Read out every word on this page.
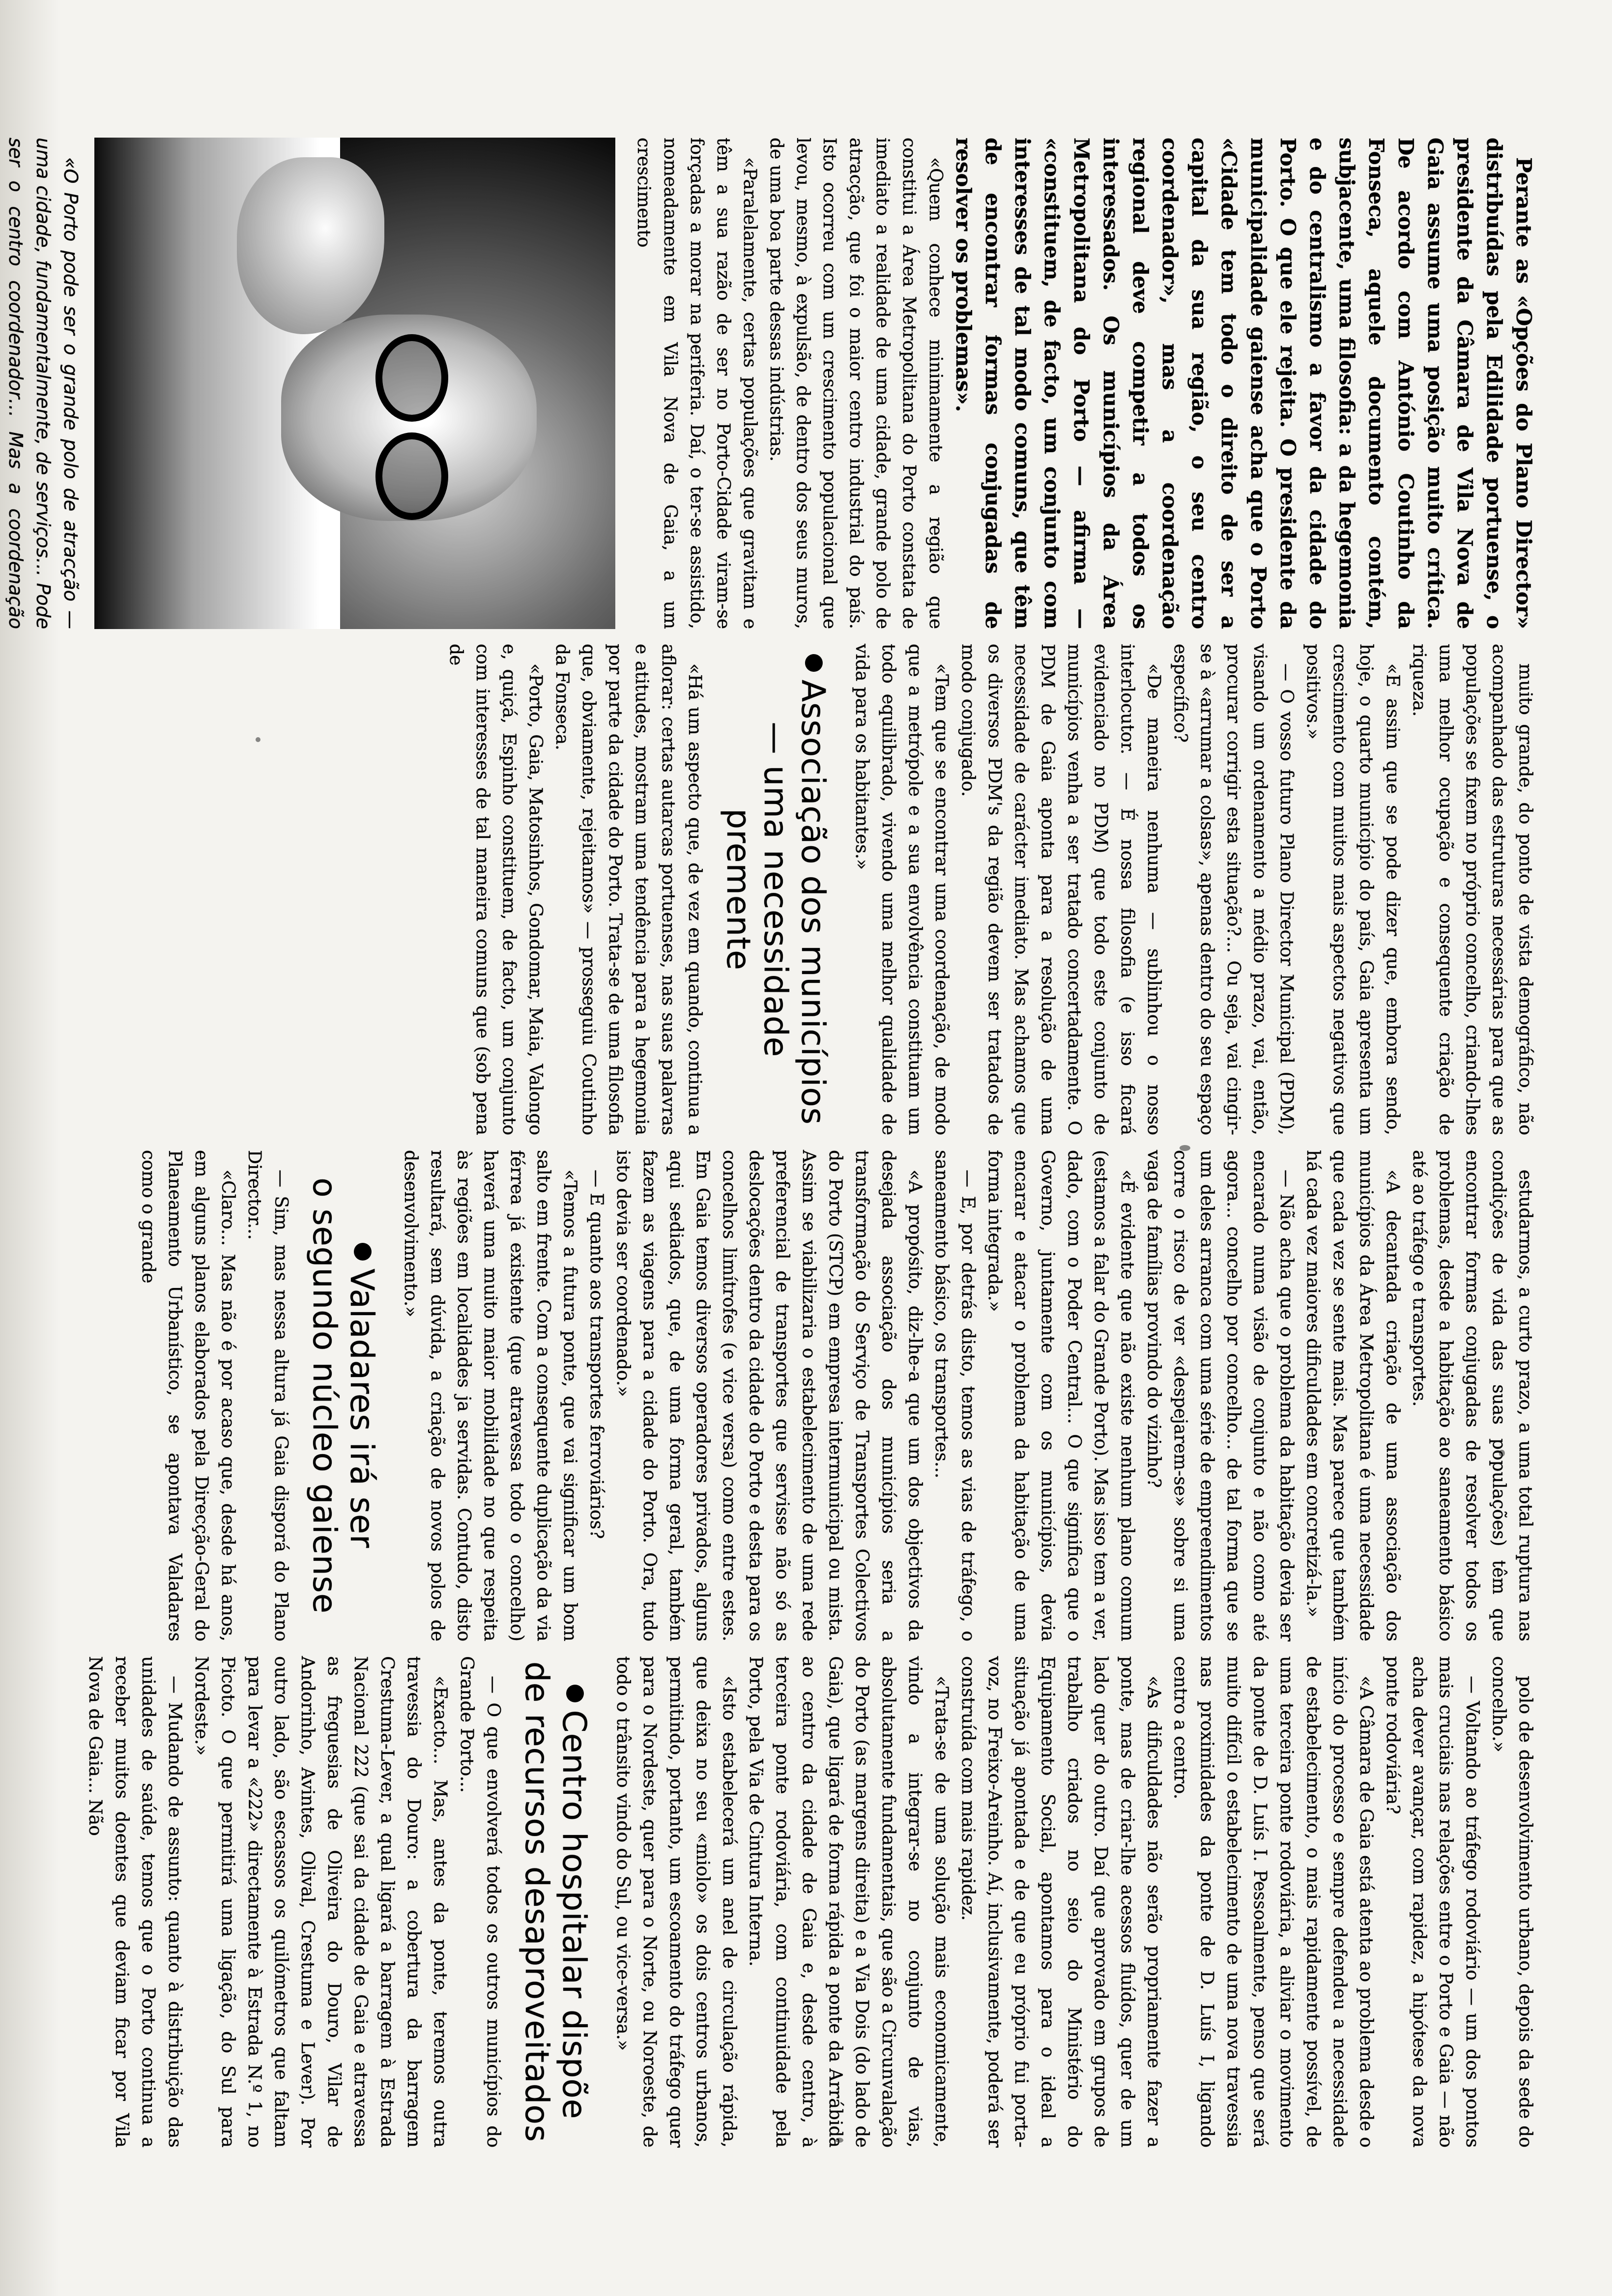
Perante as «Opções do Plano Director» distribuídas pela Edilidade portuense, o presidente da Câmara de Vila Nova de Gaia assume uma posição muito crítica. De acordo com António Coutinho da Fonseca, aquele documento contém, subjacente, uma filosofia: a da hegemonia e do centralismo a favor da cidade do Porto. O que ele rejeita. O presidente da municipalidade gaiense acha que o Porto «Cidade tem todo o direito de ser a capital da sua região, o seu centro coordenador», mas a coordenação regional deve competir a todos os interessados. Os municípios da Área Metropolitana do Porto — afirma — «constituem, de facto, um conjunto com interesses de tal modo comuns, que têm de encontrar formas conjugadas de resolver os problemas».

«Quem conhece minimamente a região que constitui a Área Metropolitana do Porto constata de imediato a realidade de uma cidade, grande polo de atracção, que foi o maior centro industrial do país. Isto ocorreu com um crescimento populacional que levou, mesmo, à expulsão, de dentro dos seus muros, de uma boa parte dessas indústrias.

«Paralelamente, certas populações que gravitam e têm a sua razão de ser no Porto-Cidade viram-se forçadas a morar na periferia. Daí, o ter-se assistido, nomeadamente em Vila Nova de Gaia, a um crescimento

«O Porto pode ser o grande polo de atracção — uma cidade, fundamentalmente, de serviços… Pode ser o centro coordenador… Mas a coordenação

muito grande, do ponto de vista demográfico, não acompanhado das estruturas necessárias para que as populações se fixem no próprio concelho, criando-lhes uma melhor ocupação e consequente criação de riqueza.

«E assim que se pode dizer que, embora sendo, hoje, o quarto município do país, Gaia apresenta um crescimento com muitos mais aspectos negativos que positivos.»

— O vosso futuro Plano Director Municipal (PDM), visando um ordenamento a médio prazo, vai, então, procurar corrigir esta situação?... Ou seja, vai cingir-se à «arrumar a colsas», apenas dentro do seu espaço específico?

«De maneira nenhuma — sublinhou o nosso interlocutor. — É nossa filosofia (e isso ficará evidenciado no PDM) que todo este conjunto de municípios venha a ser tratado concertadamente. O PDM de Gaia aponta para a resolução de uma necessidade de carácter imediato. Mas achamos que os diversos PDM's da região devem ser tratados de modo conjugado.

«Tem que se encontrar uma coordenação, de modo que a metrópole e a sua envolvência constituam um todo equilibrado, vivendo uma melhor qualidade de vida para os habitantes.»

Associação dos municípios
— uma necessidade premente

«Há um aspecto que, de vez em quando, continua a aflorar: certas autarcas portuenses, nas suas palavras e atitudes, mostram uma tendência para a hegemonia por parte da cidade do Porto. Trata-se de uma filosofia que, obviamente, rejeitamos» — prosseguiu Coutinho da Fonseca.

«Porto, Gaia, Matosinhos, Gondomar, Maia, Valongo e, quiçá, Espinho constituem, de facto, um conjunto com interesses de tal maneira comuns que (sob pena de

estudarmos, a curto prazo, a uma total ruptura nas condições de vida das suas populações) têm que encontrar formas conjugadas de resolver todos os problemas, desde a habitação ao saneamento básico até ao tráfego e transportes.

«A decantada criação de uma associação dos municípios da Área Metropolitana é uma necessidade que cada vez se sente mais. Mas parece que também há cada vez maiores dificuldades em concretizá-la.»

— Não acha que o problema da habitação devia ser encarado numa visão de conjunto e não como até agora... concelho por concelho... de tal forma que se um deles arranca com uma série de empreendimentos corre o risco de ver «despejarem-se» sobre si uma vaga de famílias provindo do vizinho?

«É evidente que não existe nenhum plano comum (estamos a falar do Grande Porto). Mas isso tem a ver, dado, com o Poder Central... O que significa que o Governo, juntamente com os municípios, devia encarar e atacar o problema da habitação de uma forma integrada.»

— E, por detrás disto, temos as vias de tráfego, o saneamento básico, os transportes...

«A propósito, diz-lhe-a que um dos objectivos da desejada associação dos municípios seria a transformação do Serviço de Transportes Colectivos do Porto (STCP) em empresa intermunicipal ou mista. Assim se viabilizaria o estabelecimento de uma rede preferencial de transportes que servisse não só as deslocações dentro da cidade do Porto e desta para os concelhos limítrofes (e vice versa) como entre estes. Em Gaia temos diversos operadores privados, alguns aqui sediados, que, de uma forma geral, também fazem as viagens para a cidade do Porto. Ora, tudo isto devia ser coordenado.»

— E quanto aos transportes ferroviários?

«Temos a futura ponte, que vai significar um bom salto em frente. Com a consequente duplicação da via férrea já existente (que atravessa todo o concelho) haverá uma muito maior mobilidade no que respeita às regiões em localidades ja servidas. Contudo, disto resultará, sem dúvida, a criação de novos polos de desenvolvimento.»

Valadares irá ser
o segundo núcleo gaiense

— Sim, mas nessa altura já Gaia disporá do Plano Director...

«Claro... Mas não é por acaso que, desde há anos, em alguns planos elaborados pela Direcção-Geral do Planeamento Urbanístico, se apontava Valadares como o grande

polo de desenvolvimento urbano, depois da sede do concelho.»

— Voltando ao tráfego rodoviário — um dos pontos mais cruciais nas relações entre o Porto e Gaia — não acha dever avançar, com rapidez, a hipótese da nova ponte rodoviária?

«A Câmara de Gaia está atenta ao problema desde o início do processo e sempre defendeu a necessidade de estabelecimento, o mais rapidamente possível, de uma terceira ponte rodoviária, a aliviar o movimento da ponte de D. Luís I. Pessoalmente, penso que será muito difícil o estabelecimento de uma nova travessia nas proximidades da ponte de D. Luís I, ligando centro a centro.

«As dificuldades não serão propriamente fazer a ponte, mas de criar-lhe acessos fluídos, quer de um lado quer do outro. Daí que aprovado em grupos de trabalho criados no seio do Ministério do Equipamento Social, apontamos para o ideal a situação já apontada e de que eu próprio fui porta-voz, no Freixo-Areinho. Aí, inclusivamente, poderá ser construída com mais rapidez.

«Trata-se de uma solução mais economicamente, vindo a integrar-se no conjunto de vias, absolutamente fundamentais, que são a Circunvalação do Porto (as margens direita) e a Via Dois (do lado de Gaia), que ligará de forma rápida a ponte da Arrábida ao centro da cidade de Gaia e, desde centro, à terceira ponte rodoviária, com continuidade pela Porto, pela Via de Cintura Interna.

«Isto estabelecerá um anel de circulação rápida, que deixa no seu «miolo» os dois centros urbanos, permitindo, portanto, um escoamento do tráfego quer para o Nordeste, quer para o Norte, ou Noroeste, de todo o trânsito vindo do Sul, ou vice-versa.»

Centro hospitalar dispõe
de recursos desaproveitados

— O que envolverá todos os outros municípios do Grande Porto...

«Exacto... Mas, antes da ponte, teremos outra travessia do Douro: a cobertura da barragem Crestuma-Lever, a qual ligará a barragem à Estrada Nacional 222 (que sai da cidade de Gaia e atravessa as freguesias de Oliveira do Douro, Vilar de Andorinho, Avintes, Olival, Crestuma e Lever). Por outro lado, são escassos os quilómetros que faltam para levar a «222» directamente à Estrada N.º 1, no Picoto. O que permitirá uma ligação, do Sul para Nordeste.»

— Mudando de assunto: quanto à distribuição das unidades de saúde, temos que o Porto continua a receber muitos doentes que deviam ficar por Vila Nova de Gaia... Não
